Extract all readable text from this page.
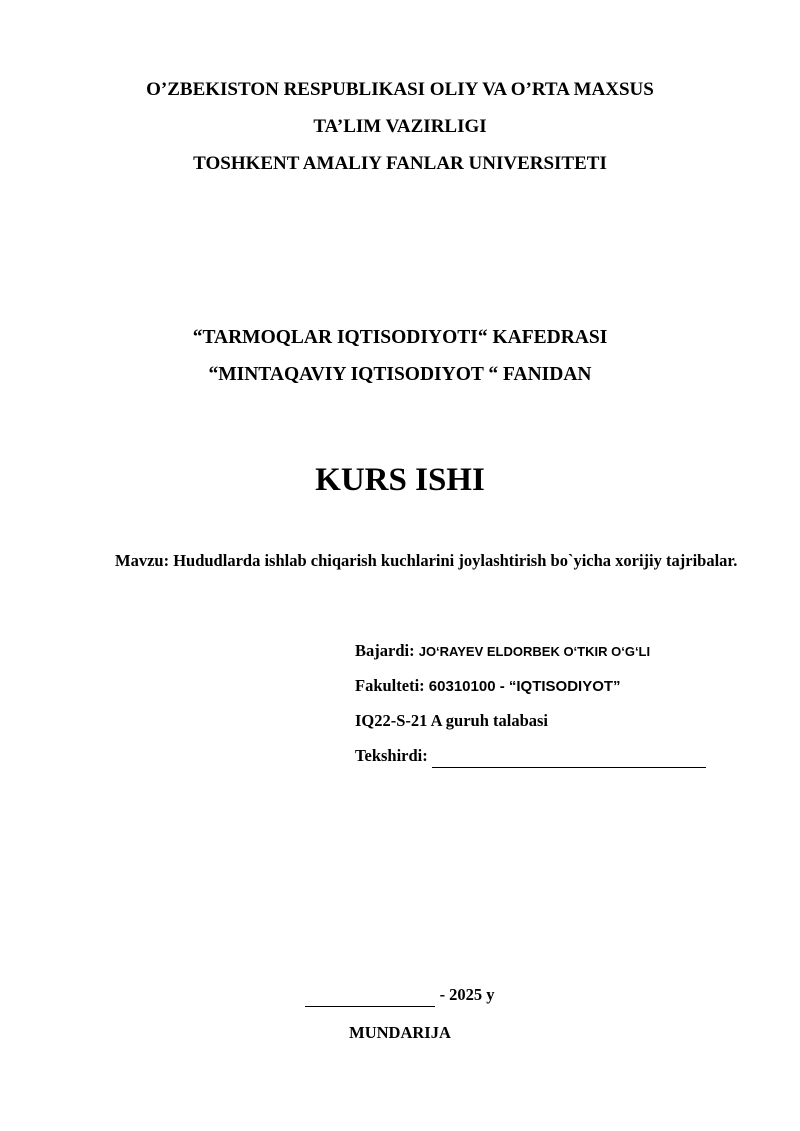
O’ZBEKISTON RESPUBLIKASI OLIY VA O’RTA MAXSUS
TA’LIM VAZIRLIGI
TOSHKENT AMALIY FANLAR UNIVERSITETI
“TARMOQLAR IQTISODIYOTI“ KAFEDRASI
“MINTAQAVIY IQTISODIYOT “ FANIDAN
KURS ISHI
Mavzu: Hududlarda ishlab chiqarish kuchlarini joylashtirish bo`yicha xorijiy tajribalar.
Bajardi: JO‘RAYEV ELDORBEK O‘TKIR O‘G‘LI
Fakulteti: 60310100 - “IQTISODIYOT”
IQ22-S-21 A guruh talabasi
Tekshirdi:
- 2025 y
MUNDARIJA
